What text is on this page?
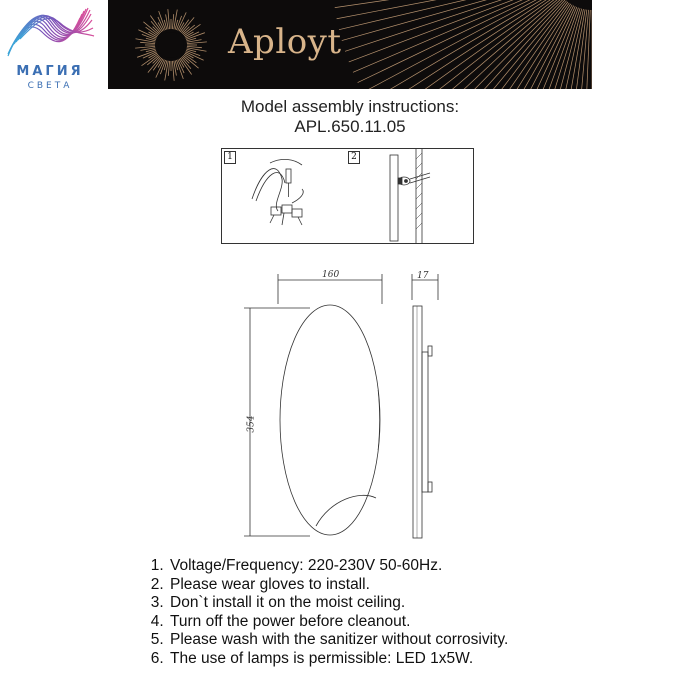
МАГИЯ
СВЕТА
Aployt
Model assembly instructions:
APL.650.11.05
1	2
160	17
354
1. Voltage/Frequency: 220-230V 50-60Hz.
2. Please wear gloves to install.
3. Don`t install it on the moist ceiling.
4. Turn off the power before cleanout.
5. Please wash with the sanitizer without corrosivity.
6. The use of lamps is permissible: LED 1x5W.
